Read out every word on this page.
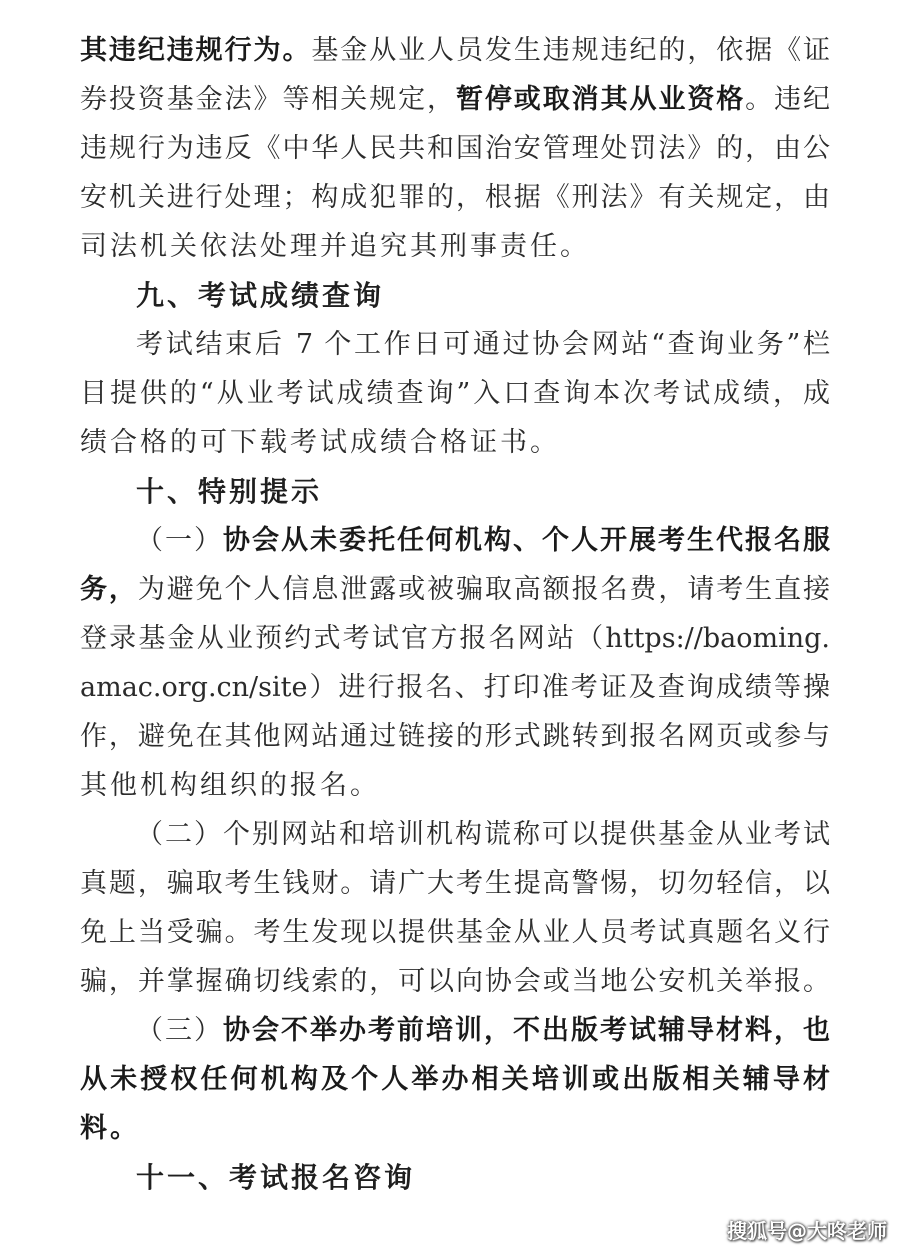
其违纪违规行为。基金从业人员发生违规违纪的，依据《证
券投资基金法》等相关规定，暂停或取消其从业资格。违纪
违规行为违反《中华人民共和国治安管理处罚法》的，由公
安机关进行处理；构成犯罪的，根据《刑法》有关规定，由
司法机关依法处理并追究其刑事责任。
九、考试成绩查询
考试结束后 7 个工作日可通过协会网站“查询业务”栏
目提供的“从业考试成绩查询”入口查询本次考试成绩，成
绩合格的可下载考试成绩合格证书。
十、特别提示
（一）协会从未委托任何机构、个人开展考生代报名服
务，为避免个人信息泄露或被骗取高额报名费，请考生直接
登录基金从业预约式考试官方报名网站（https://baoming.
amac.org.cn/site）进行报名、打印准考证及查询成绩等操
作，避免在其他网站通过链接的形式跳转到报名网页或参与
其他机构组织的报名。
（二）个别网站和培训机构谎称可以提供基金从业考试
真题，骗取考生钱财。请广大考生提高警惕，切勿轻信，以
免上当受骗。考生发现以提供基金从业人员考试真题名义行
骗，并掌握确切线索的，可以向协会或当地公安机关举报。
（三）协会不举办考前培训，不出版考试辅导材料，也
从未授权任何机构及个人举办相关培训或出版相关辅导材
料。
十一、考试报名咨询
搜狐号@大咚老师
